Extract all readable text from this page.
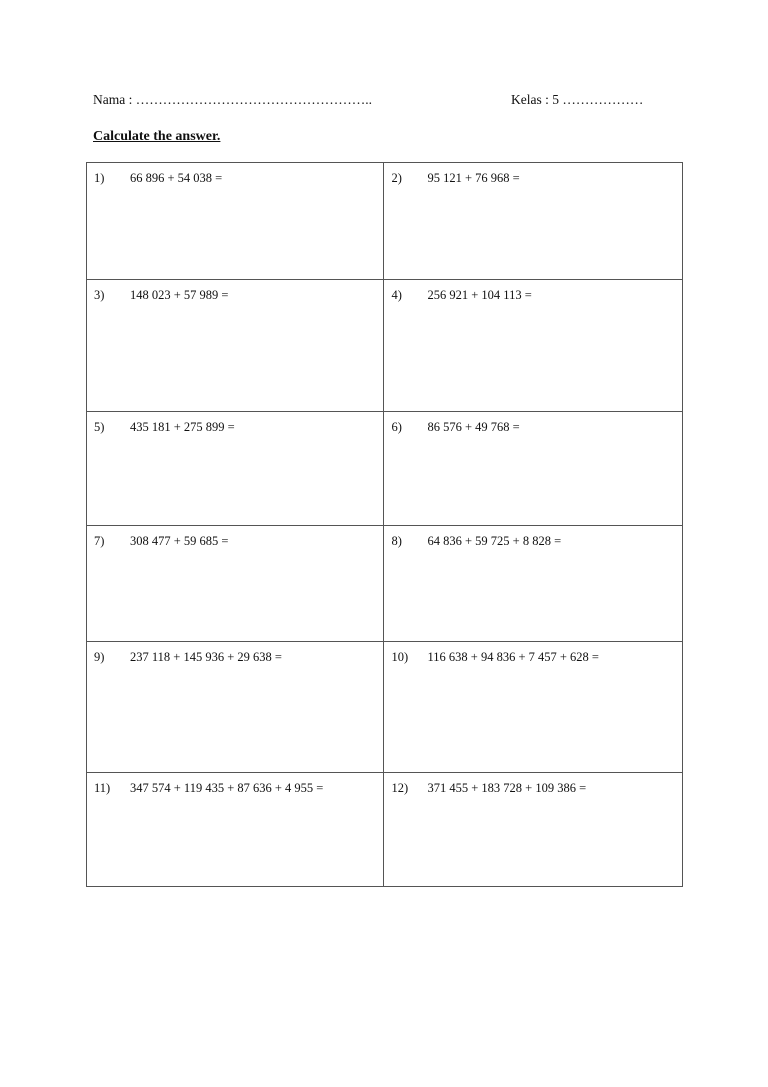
Nama : ……………………………………………..	Kelas : 5 ………………
Calculate the answer.
1) 66 896 + 54 038 =	2) 95 121 + 76 968 =

3) 148 023 + 57 989 =	4) 256 921 + 104 113 =

5) 435 181 + 275 899 =	6) 86 576 + 49 768 =

7) 308 477 + 59 685 =	8) 64 836 + 59 725 + 8 828 =

9) 237 118 + 145 936 + 29 638 =	10) 116 638 + 94 836 + 7 457 + 628 =

11) 347 574 + 119 435 + 87 636 + 4 955 =	12) 371 455 + 183 728 + 109 386 =
